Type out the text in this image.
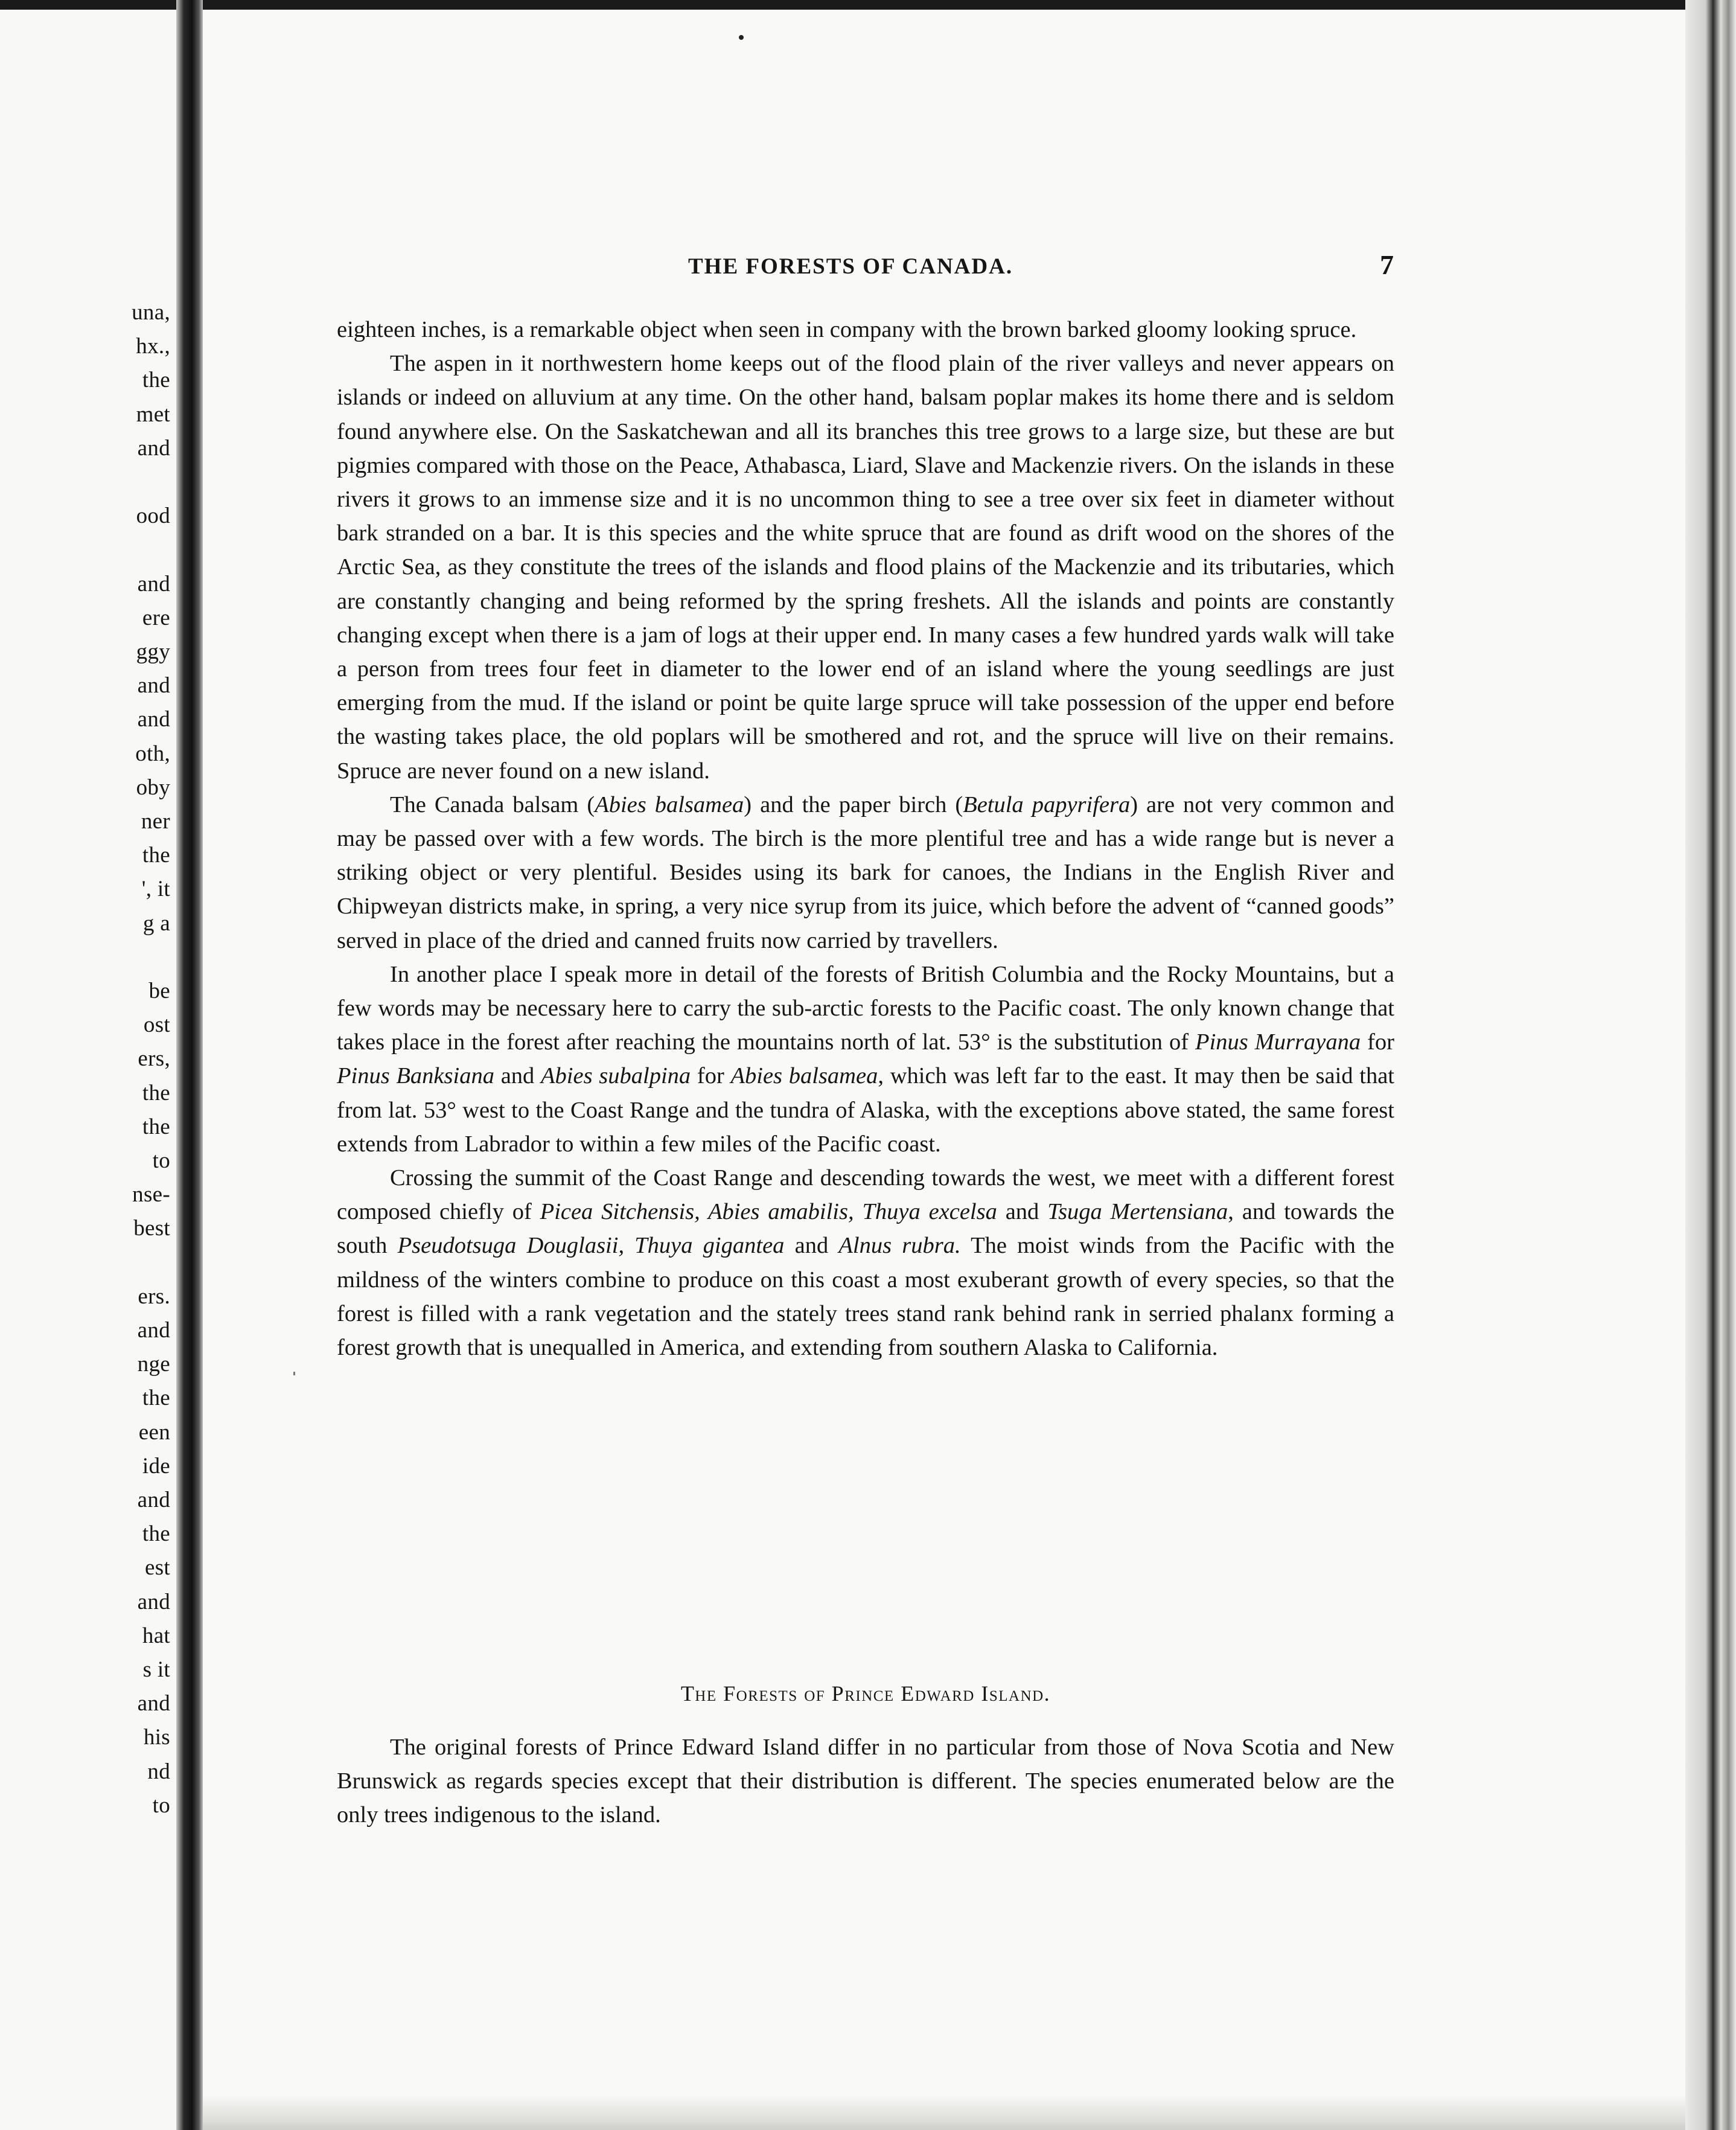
una,
hx.,
the
met
and
ood
and
ere
ggy
and
and
oth,
oby
ner
the
', it
g a
be
ost
ers,
the
the
to
nse-
best
ers.
and
nge
the
een
ide
and
the
est
and
hat
s it
and
his
nd
to
THE FORESTS OF CANADA.	7

eighteen inches, is a remarkable object when seen in company with the brown barked gloomy looking spruce.

The aspen in it northwestern home keeps out of the flood plain of the river valleys and never appears on islands or indeed on alluvium at any time. On the other hand, balsam poplar makes its home there and is seldom found anywhere else. On the Saskatchewan and all its branches this tree grows to a large size, but these are but pigmies compared with those on the Peace, Athabasca, Liard, Slave and Mackenzie rivers. On the islands in these rivers it grows to an immense size and it is no uncommon thing to see a tree over six feet in diameter without bark stranded on a bar. It is this species and the white spruce that are found as drift wood on the shores of the Arctic Sea, as they constitute the trees of the islands and flood plains of the Mackenzie and its tributaries, which are constantly changing and being reformed by the spring freshets. All the islands and points are constantly changing except when there is a jam of logs at their upper end. In many cases a few hundred yards walk will take a person from trees four feet in diameter to the lower end of an island where the young seedlings are just emerging from the mud. If the island or point be quite large spruce will take possession of the upper end before the wasting takes place, the old poplars will be smothered and rot, and the spruce will live on their remains. Spruce are never found on a new island.

The Canada balsam (Abies balsamea) and the paper birch (Betula papyrifera) are not very common and may be passed over with a few words. The birch is the more plentiful tree and has a wide range but is never a striking object or very plentiful. Besides using its bark for canoes, the Indians in the English River and Chipweyan districts make, in spring, a very nice syrup from its juice, which before the advent of “canned goods” served in place of the dried and canned fruits now carried by travellers.

In another place I speak more in detail of the forests of British Columbia and the Rocky Mountains, but a few words may be necessary here to carry the sub-arctic forests to the Pacific coast. The only known change that takes place in the forest after reaching the mountains north of lat. 53° is the substitution of Pinus Murrayana for Pinus Banksiana and Abies subalpina for Abies balsamea, which was left far to the east. It may then be said that from lat. 53° west to the Coast Range and the tundra of Alaska, with the exceptions above stated, the same forest extends from Labrador to within a few miles of the Pacific coast.

Crossing the summit of the Coast Range and descending towards the west, we meet with a different forest composed chiefly of Picea Sitchensis, Abies amabilis, Thuya excelsa and Tsuga Mertensiana, and towards the south Pseudotsuga Douglasii, Thuya gigantea and Alnus rubra. The moist winds from the Pacific with the mildness of the winters combine to produce on this coast a most exuberant growth of every species, so that the forest is filled with a rank vegetation and the stately trees stand rank behind rank in serried phalanx forming a forest growth that is unequalled in America, and extending from southern Alaska to California.

The Forests of Prince Edward Island.

The original forests of Prince Edward Island differ in no particular from those of Nova Scotia and New Brunswick as regards species except that their distribution is different. The species enumerated below are the only trees indigenous to the island.
